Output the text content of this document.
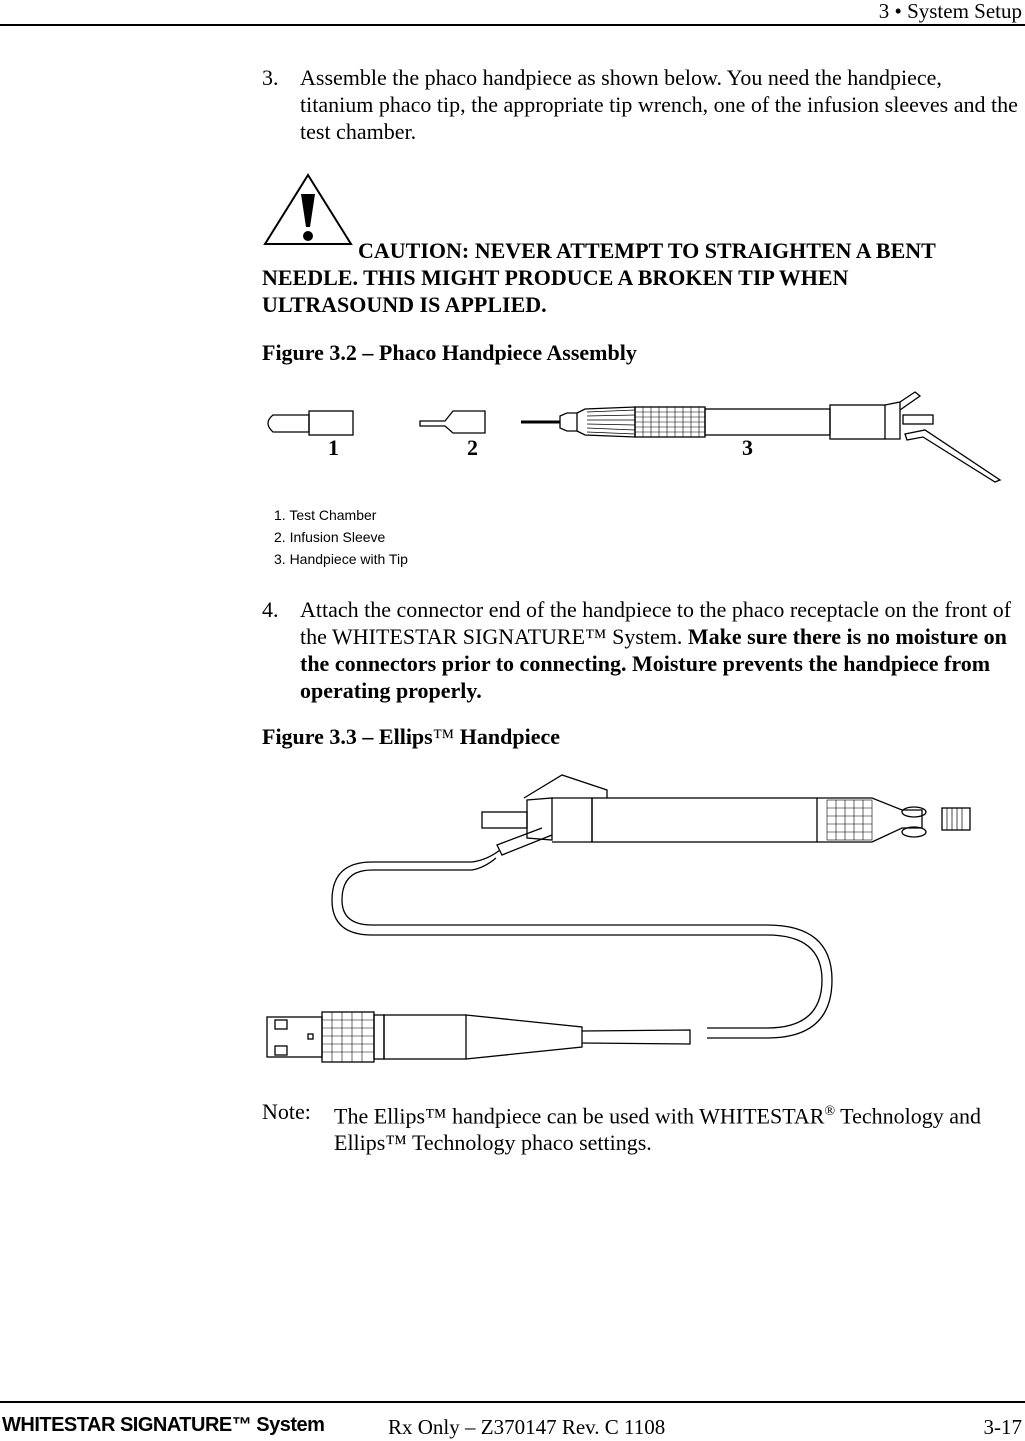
3 • System Setup
3. Assemble the phaco handpiece as shown below. You need the handpiece, titanium phaco tip, the appropriate tip wrench, one of the infusion sleeves and the test chamber.
CAUTION: NEVER ATTEMPT TO STRAIGHTEN A BENT NEEDLE. THIS MIGHT PRODUCE A BROKEN TIP WHEN ULTRASOUND IS APPLIED.
Figure 3.2 – Phaco Handpiece Assembly
1	2	3
1. Test Chamber
2. Infusion Sleeve
3. Handpiece with Tip
4. Attach the connector end of the handpiece to the phaco receptacle on the front of the WHITESTAR SIGNATURE™ System. Make sure there is no moisture on the connectors prior to connecting. Moisture prevents the handpiece from operating properly.
Figure 3.3 – Ellips™ Handpiece
Note: The Ellips™ handpiece can be used with WHITESTAR® Technology and Ellips™ Technology phaco settings.
WHITESTAR SIGNATURE™ System	Rx Only – Z370147 Rev. C 1108	3-17
